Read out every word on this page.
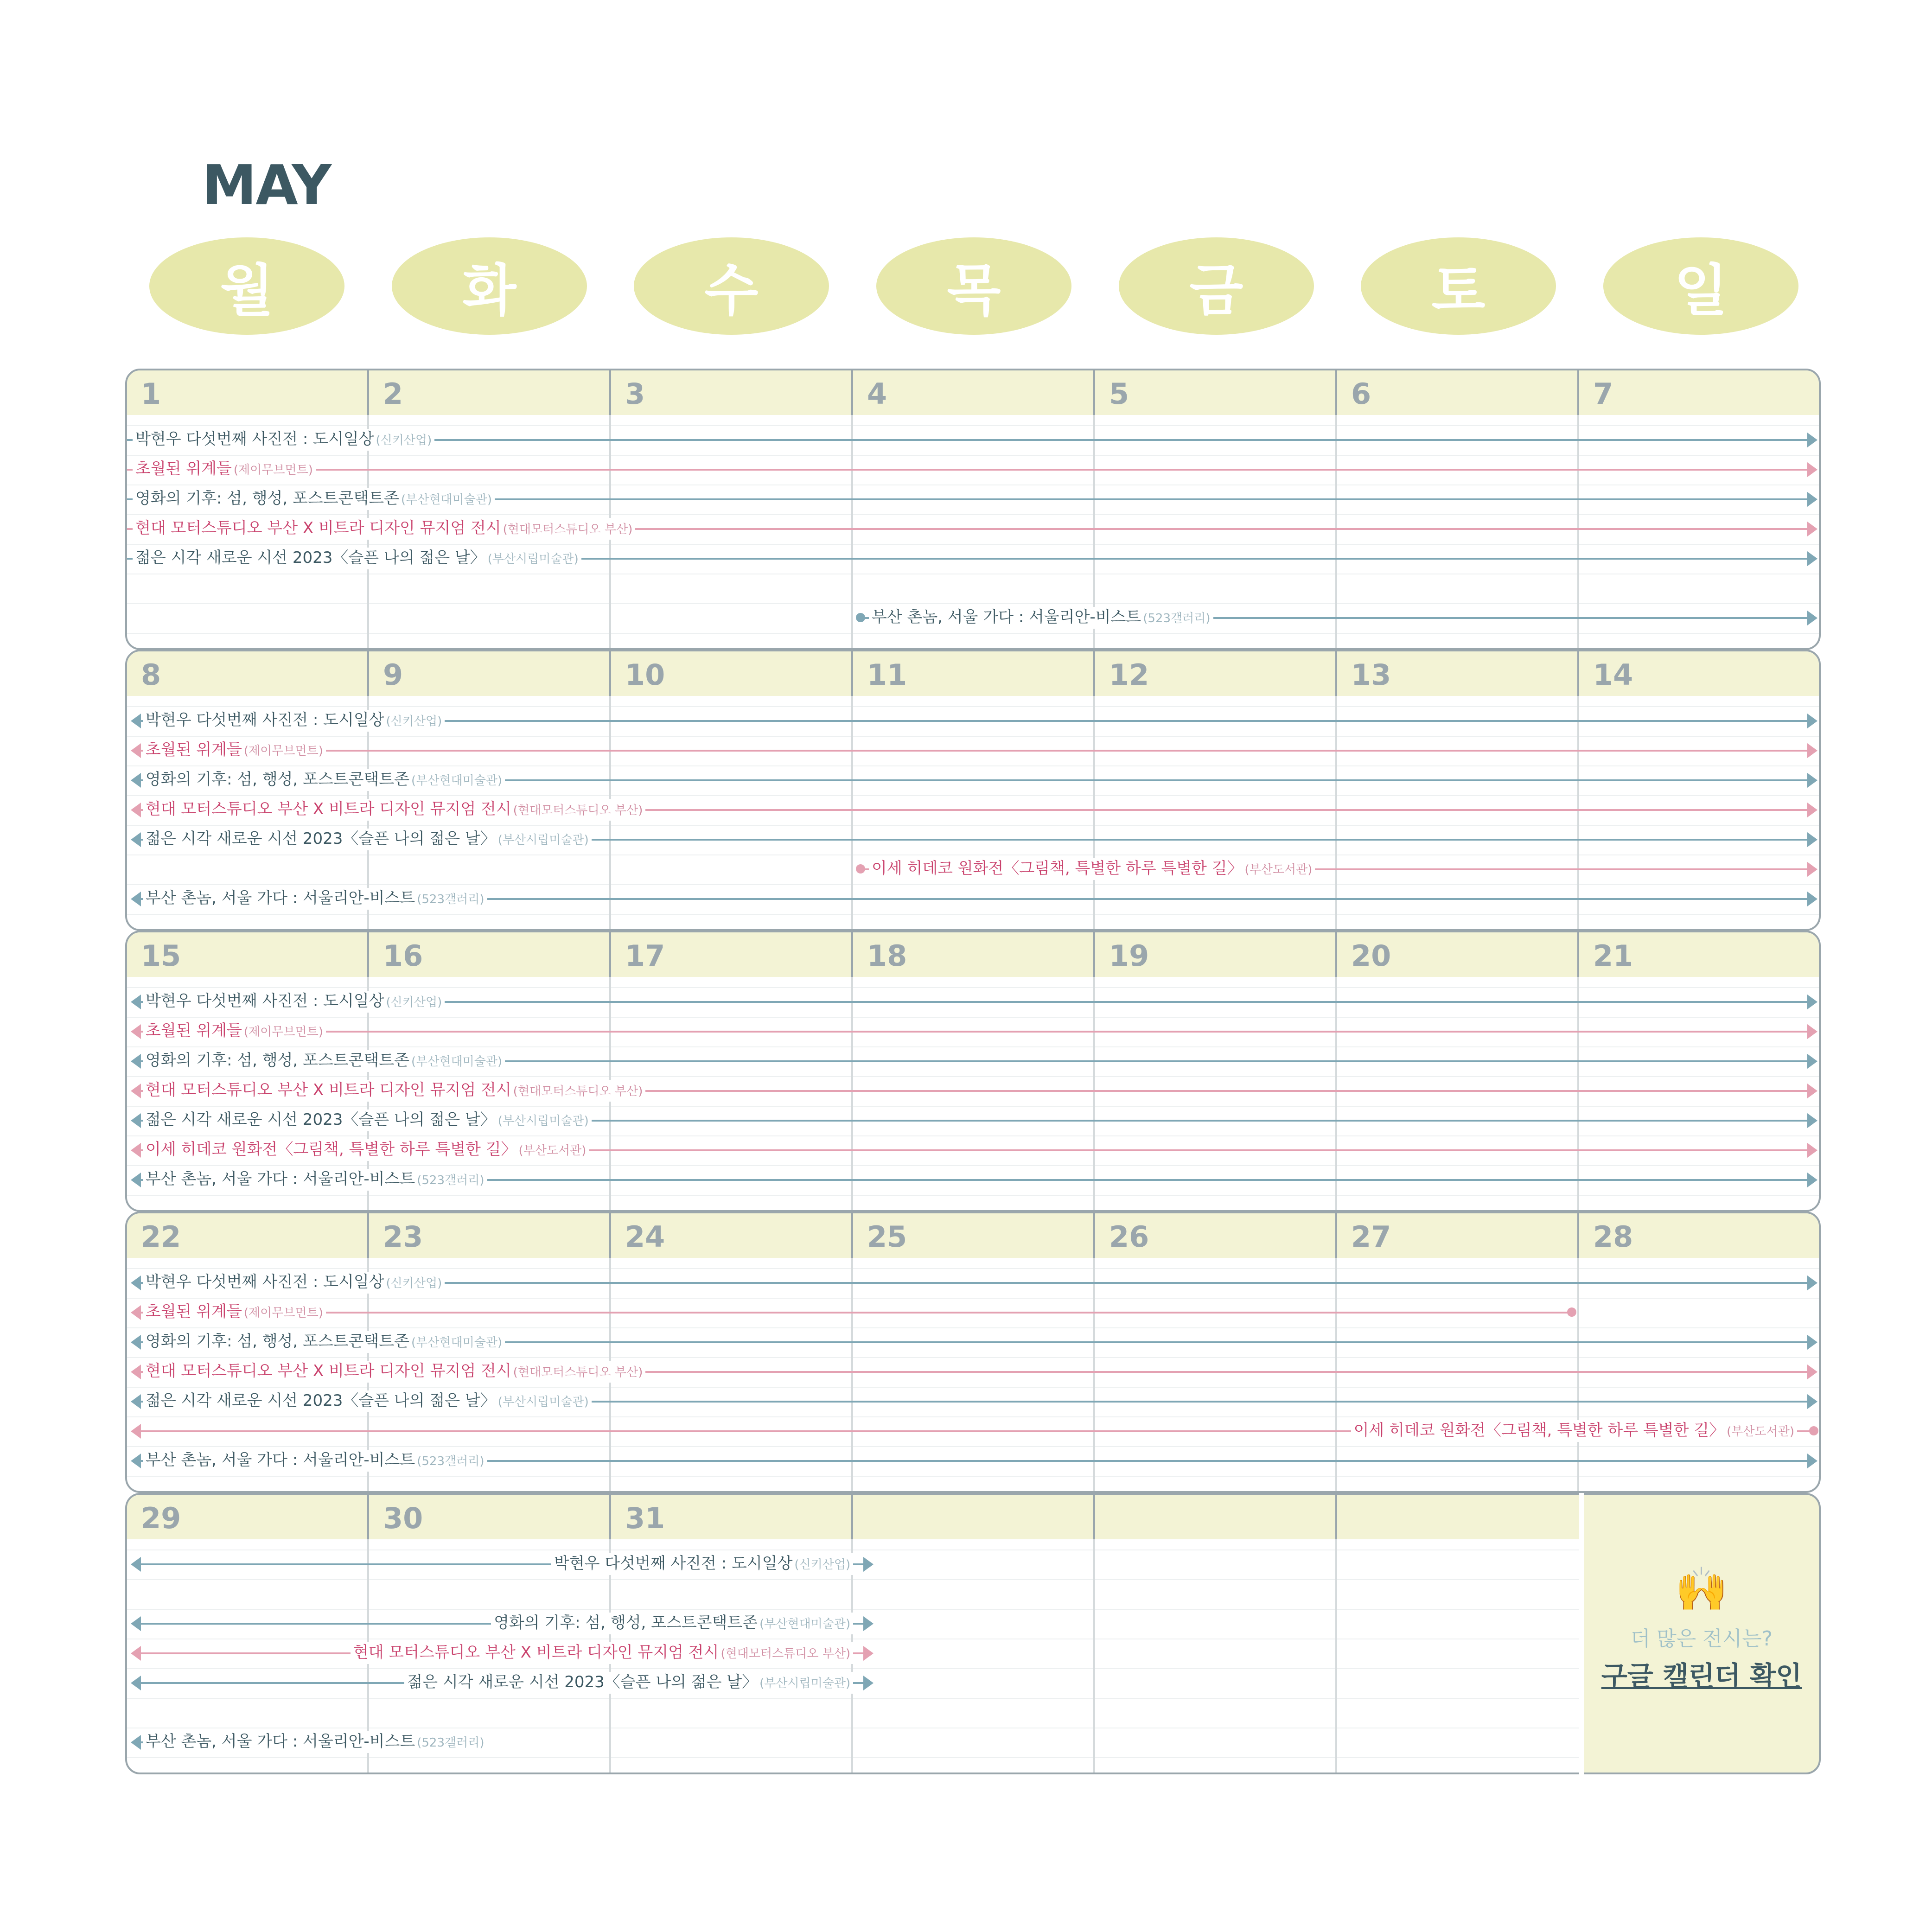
MAY
월	화	수	목	금	토	일
1	2	3	4	5	6	7
박현우 다섯번째 사진전 : 도시일상 (신키산업)
초월된 위계들 (제이무브먼트)
영화의 기후: 섬, 행성, 포스트콘택트존 (부산현대미술관)
현대 모터스튜디오 부산 X 비트라 디자인 뮤지엄 전시 (현대모터스튜디오 부산)
젊은 시각 새로운 시선 2023〈슬픈 나의 젊은 날〉 (부산시립미술관)
부산 촌놈, 서울 가다 : 서울리안-비스트 (523갤러리)
8	9	10	11	12	13	14
박현우 다섯번째 사진전 : 도시일상 (신키산업)
초월된 위계들 (제이무브먼트)
영화의 기후: 섬, 행성, 포스트콘택트존 (부산현대미술관)
현대 모터스튜디오 부산 X 비트라 디자인 뮤지엄 전시 (현대모터스튜디오 부산)
젊은 시각 새로운 시선 2023〈슬픈 나의 젊은 날〉 (부산시립미술관)
이세 히데코 원화전〈그림책, 특별한 하루 특별한 길〉 (부산도서관)
부산 촌놈, 서울 가다 : 서울리안-비스트 (523갤러리)
15	16	17	18	19	20	21
박현우 다섯번째 사진전 : 도시일상 (신키산업)
초월된 위계들 (제이무브먼트)
영화의 기후: 섬, 행성, 포스트콘택트존 (부산현대미술관)
현대 모터스튜디오 부산 X 비트라 디자인 뮤지엄 전시 (현대모터스튜디오 부산)
젊은 시각 새로운 시선 2023〈슬픈 나의 젊은 날〉 (부산시립미술관)
이세 히데코 원화전〈그림책, 특별한 하루 특별한 길〉 (부산도서관)
부산 촌놈, 서울 가다 : 서울리안-비스트 (523갤러리)
22	23	24	25	26	27	28
박현우 다섯번째 사진전 : 도시일상 (신키산업)
초월된 위계들 (제이무브먼트)
영화의 기후: 섬, 행성, 포스트콘택트존 (부산현대미술관)
현대 모터스튜디오 부산 X 비트라 디자인 뮤지엄 전시 (현대모터스튜디오 부산)
젊은 시각 새로운 시선 2023〈슬픈 나의 젊은 날〉 (부산시립미술관)
이세 히데코 원화전〈그림책, 특별한 하루 특별한 길〉 (부산도서관)
부산 촌놈, 서울 가다 : 서울리안-비스트 (523갤러리)
29	30	31
박현우 다섯번째 사진전 : 도시일상 (신키산업)
영화의 기후: 섬, 행성, 포스트콘택트존 (부산현대미술관)
현대 모터스튜디오 부산 X 비트라 디자인 뮤지엄 전시 (현대모터스튜디오 부산)
젊은 시각 새로운 시선 2023〈슬픈 나의 젊은 날〉 (부산시립미술관)
부산 촌놈, 서울 가다 : 서울리안-비스트 (523갤러리)
🙌
더 많은 전시는?
구글 캘린더 확인
